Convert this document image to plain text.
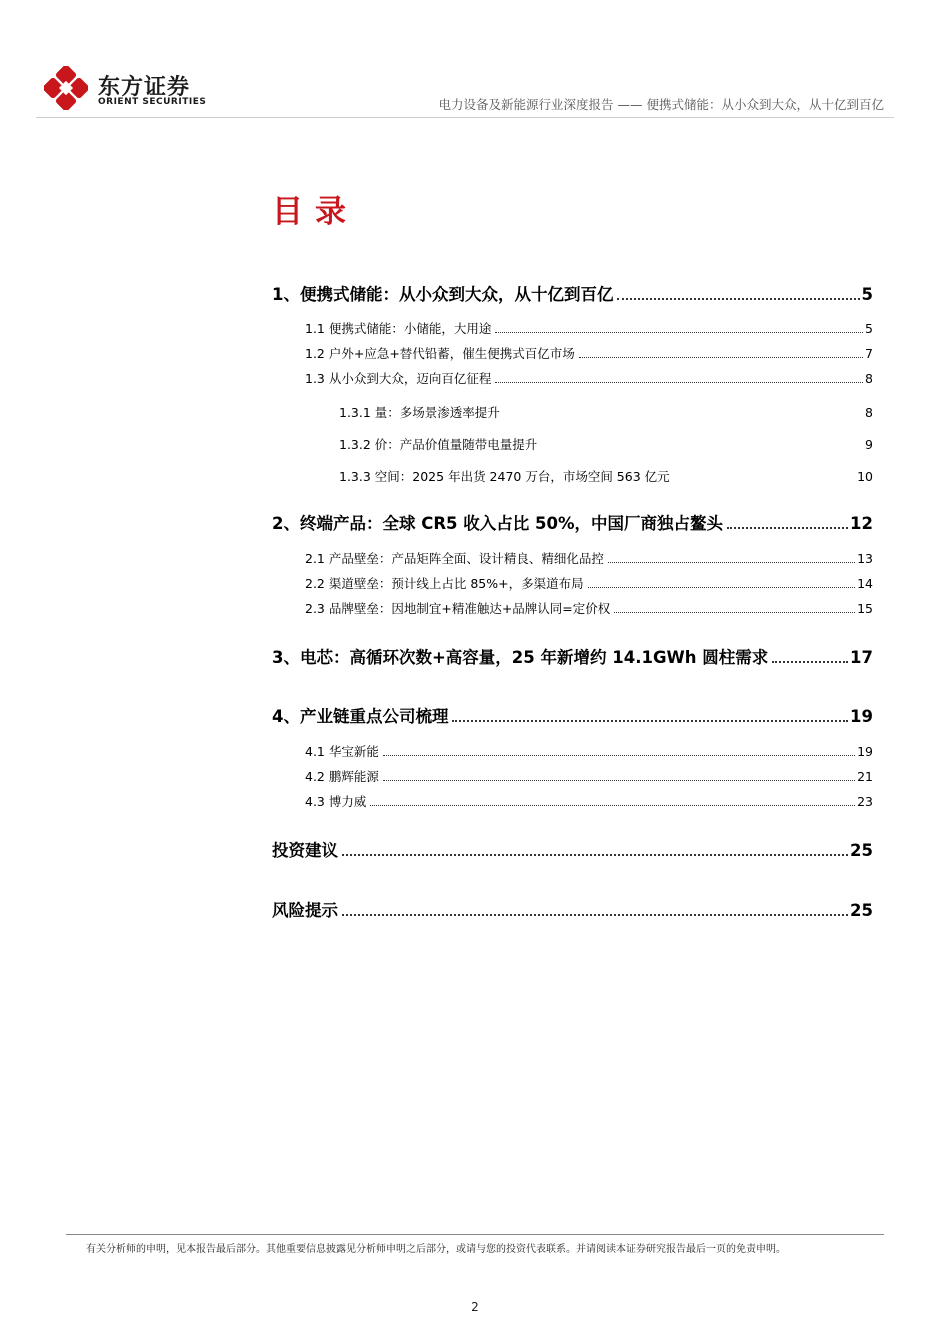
东方证券
ORIENT SECURITIES	电力设备及新能源行业深度报告 —— 便携式储能：从小众到大众，从十亿到百亿
目录
1、便携式储能：从小众到大众，从十亿到百亿	5
1.1 便携式储能：小储能，大用途	5
1.2 户外+应急+替代铅蓄，催生便携式百亿市场	7
1.3 从小众到大众，迈向百亿征程	8
1.3.1 量：多场景渗透率提升	8
1.3.2 价：产品价值量随带电量提升	9
1.3.3 空间：2025 年出货 2470 万台，市场空间 563 亿元	10
2、终端产品：全球 CR5 收入占比 50%，中国厂商独占鳌头	12
2.1 产品壁垒：产品矩阵全面、设计精良、精细化品控	13
2.2 渠道壁垒：预计线上占比 85%+，多渠道布局	14
2.3 品牌壁垒：因地制宜+精准触达+品牌认同=定价权	15
3、电芯：高循环次数+高容量，25 年新增约 14.1GWh 圆柱需求	17
4、产业链重点公司梳理	19
4.1 华宝新能	19
4.2 鹏辉能源	21
4.3 博力威	23
投资建议	25
风险提示	25
有关分析师的申明，见本报告最后部分。其他重要信息披露见分析师申明之后部分，或请与您的投资代表联系。并请阅读本证券研究报告最后一页的免责申明。
2
